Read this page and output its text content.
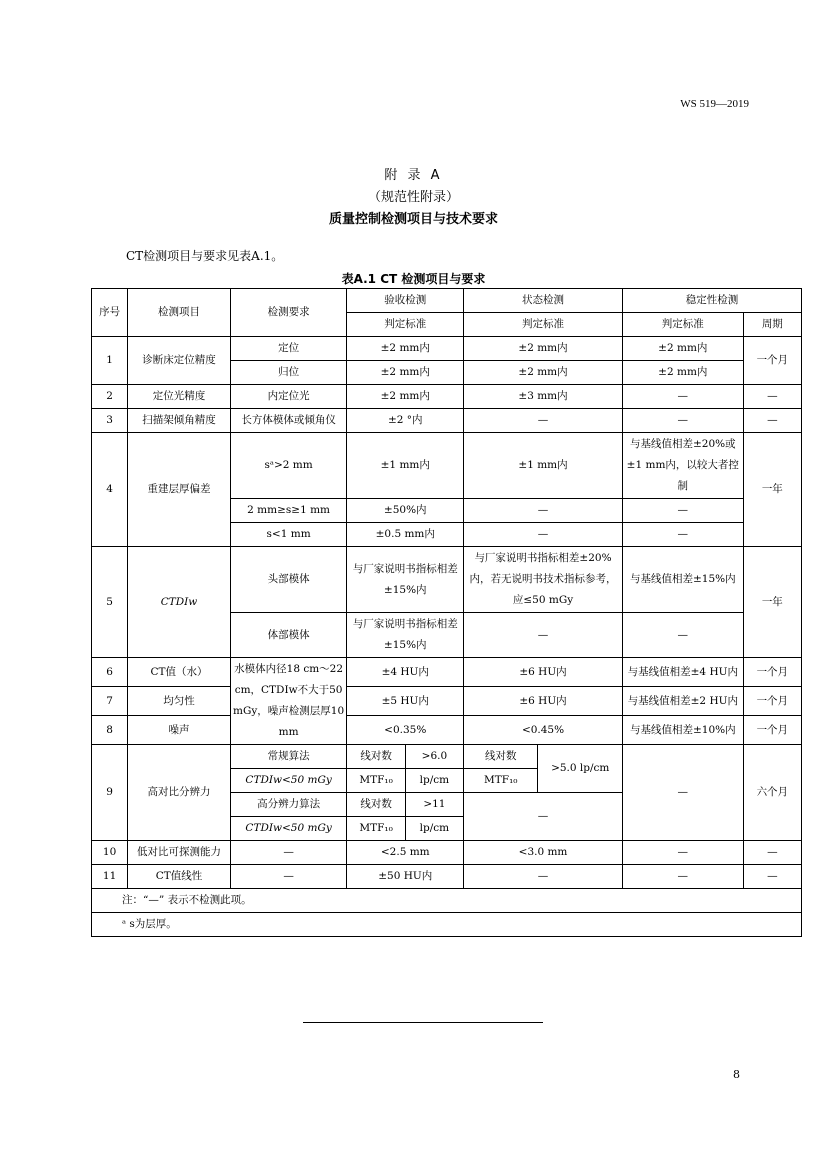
WS 519—2019
附 录 A
（规范性附录）
质量控制检测项目与技术要求
CT检测项目与要求见表A.1。
表A.1 CT 检测项目与要求
序号	检测项目	检测要求	验收检测		状态检测		稳定性检测	
			判定标准		判定标准		判定标准	周期
1	诊断床定位精度	定位	±2 mm内		±2 mm内		±2 mm内	一个月
		归位	±2 mm内		±2 mm内		±2 mm内	
2	定位光精度	内定位光	±2 mm内		±3 mm内		—	—
3	扫描架倾角精度	长方体模体或倾角仪	±2 °内		—		—	—
4	重建层厚偏差	sᵃ>2 mm	±1 mm内		±1 mm内		与基线值相差±20%或±1 mm内，以较大者控制	一年
		2 mm≥s≥1 mm	±50%内		—		—	
		s<1 mm	±0.5 mm内		—		—	
5	CTDIw	头部模体	与厂家说明书指标相差±15%内		与厂家说明书指标相差±20%内，若无说明书技术指标参考，应≤50 mGy		与基线值相差±15%内	一年
		体部模体	与厂家说明书指标相差±15%内		—		—	
6	CT值（水）	水模体内径18 cm～22 cm，CTDIw不大于50 mGy，噪声检测层厚10 mm	±4 HU内		±6 HU内		与基线值相差±4 HU内	一个月
7	均匀性		±5 HU内		±6 HU内		与基线值相差±2 HU内	一个月
8	噪声		<0.35%		<0.45%		与基线值相差±10%内	一个月
9	高对比分辨力	常规算法	线对数	>6.0	线对数	>5.0 lp/cm	—	六个月
		CTDIw<50 mGy	MTF₁₀	lp/cm	MTF₁₀			
		高分辨力算法	线对数	>11	—			
		CTDIw<50 mGy	MTF₁₀	lp/cm				
10	低对比可探测能力	—	<2.5 mm		<3.0 mm		—	—
11	CT值线性	—	±50 HU内		—		—	—
注：“—” 表示不检测此项。								
ᵃ s为层厚。								
8
